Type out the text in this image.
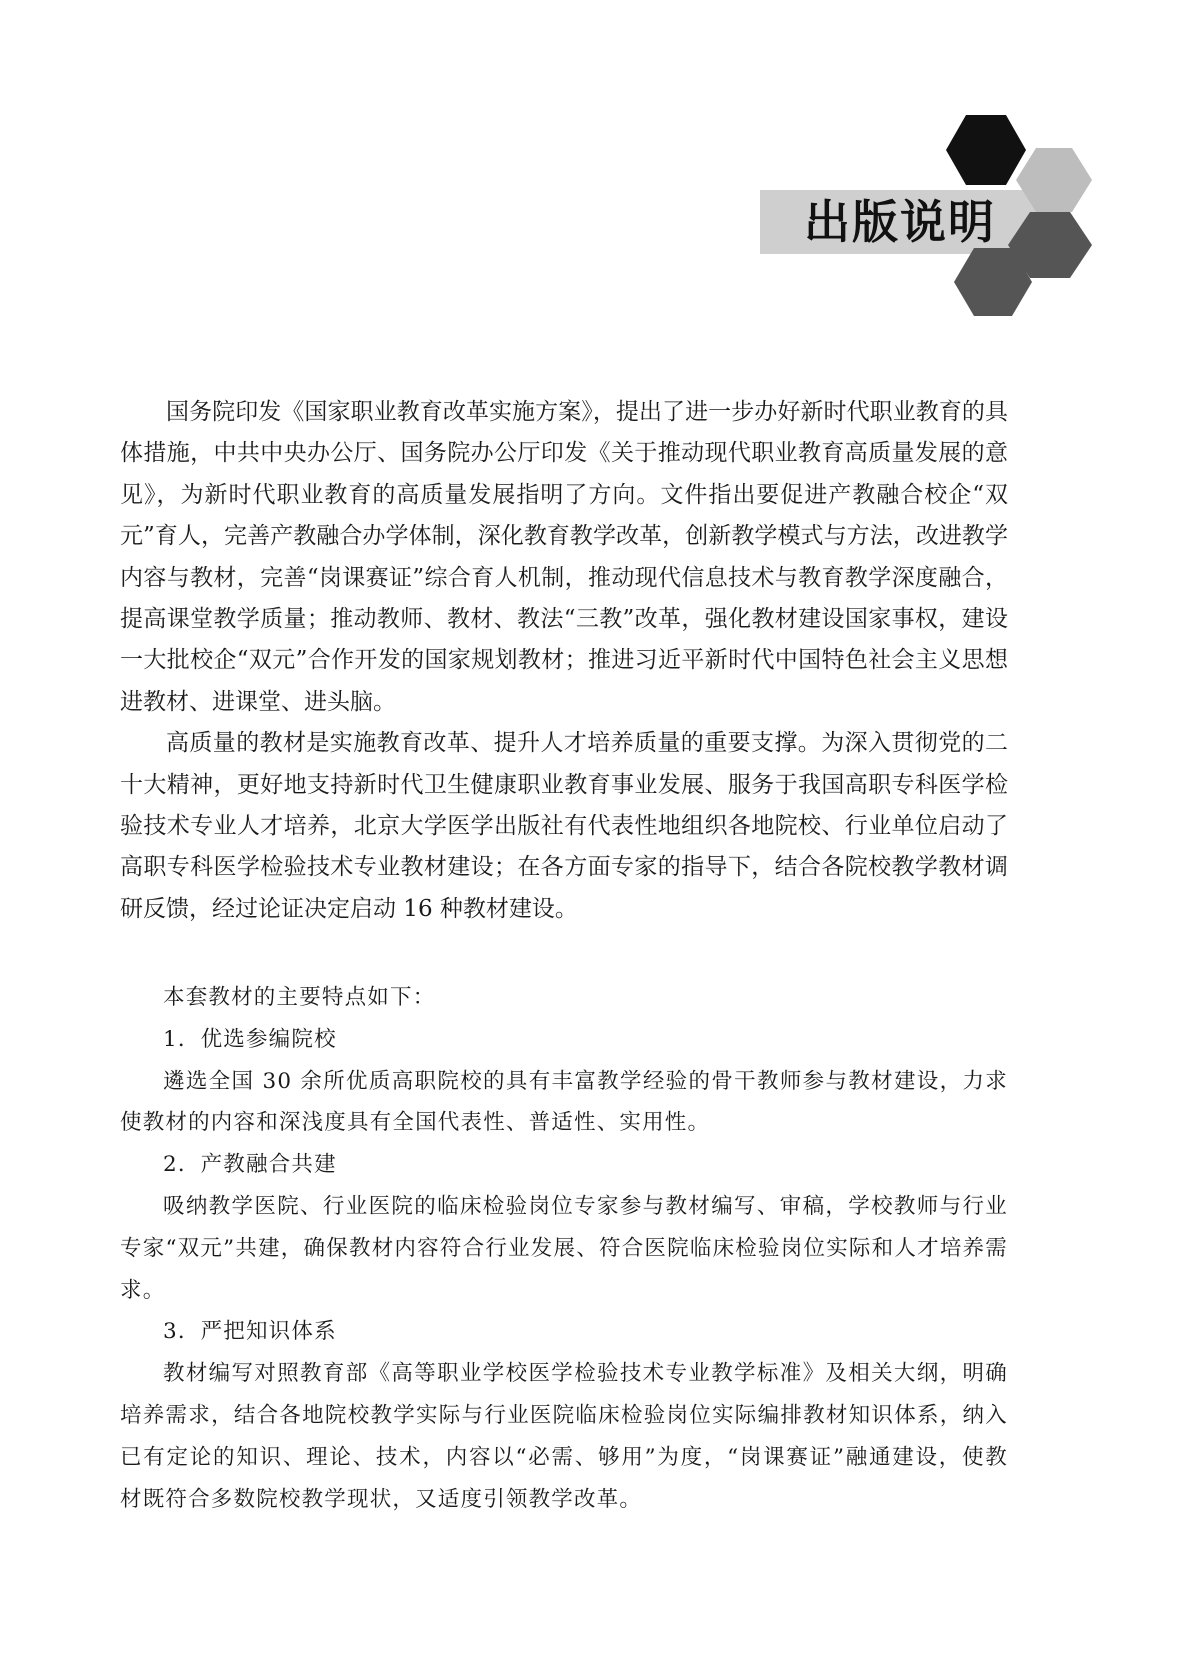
出版说明

国务院印发《国家职业教育改革实施方案》，提出了进一步办好新时代职业教育的具体措施，中共中央办公厅、国务院办公厅印发《关于推动现代职业教育高质量发展的意见》，为新时代职业教育的高质量发展指明了方向。文件指出要促进产教融合校企“双元”育人，完善产教融合办学体制，深化教育教学改革，创新教学模式与方法，改进教学内容与教材，完善“岗课赛证”综合育人机制，推动现代信息技术与教育教学深度融合，提高课堂教学质量；推动教师、教材、教法“三教”改革，强化教材建设国家事权，建设一大批校企“双元”合作开发的国家规划教材；推进习近平新时代中国特色社会主义思想进教材、进课堂、进头脑。

高质量的教材是实施教育改革、提升人才培养质量的重要支撑。为深入贯彻党的二十大精神，更好地支持新时代卫生健康职业教育事业发展、服务于我国高职专科医学检验技术专业人才培养，北京大学医学出版社有代表性地组织各地院校、行业单位启动了高职专科医学检验技术专业教材建设；在各方面专家的指导下，结合各院校教学教材调研反馈，经过论证决定启动 16 种教材建设。

本套教材的主要特点如下：

1．优选参编院校

遴选全国 30 余所优质高职院校的具有丰富教学经验的骨干教师参与教材建设，力求使教材的内容和深浅度具有全国代表性、普适性、实用性。

2．产教融合共建

吸纳教学医院、行业医院的临床检验岗位专家参与教材编写、审稿，学校教师与行业专家“双元”共建，确保教材内容符合行业发展、符合医院临床检验岗位实际和人才培养需求。

3．严把知识体系

教材编写对照教育部《高等职业学校医学检验技术专业教学标准》及相关大纲，明确培养需求，结合各地院校教学实际与行业医院临床检验岗位实际编排教材知识体系，纳入已有定论的知识、理论、技术，内容以“必需、够用”为度，“岗课赛证”融通建设，使教材既符合多数院校教学现状，又适度引领教学改革。
